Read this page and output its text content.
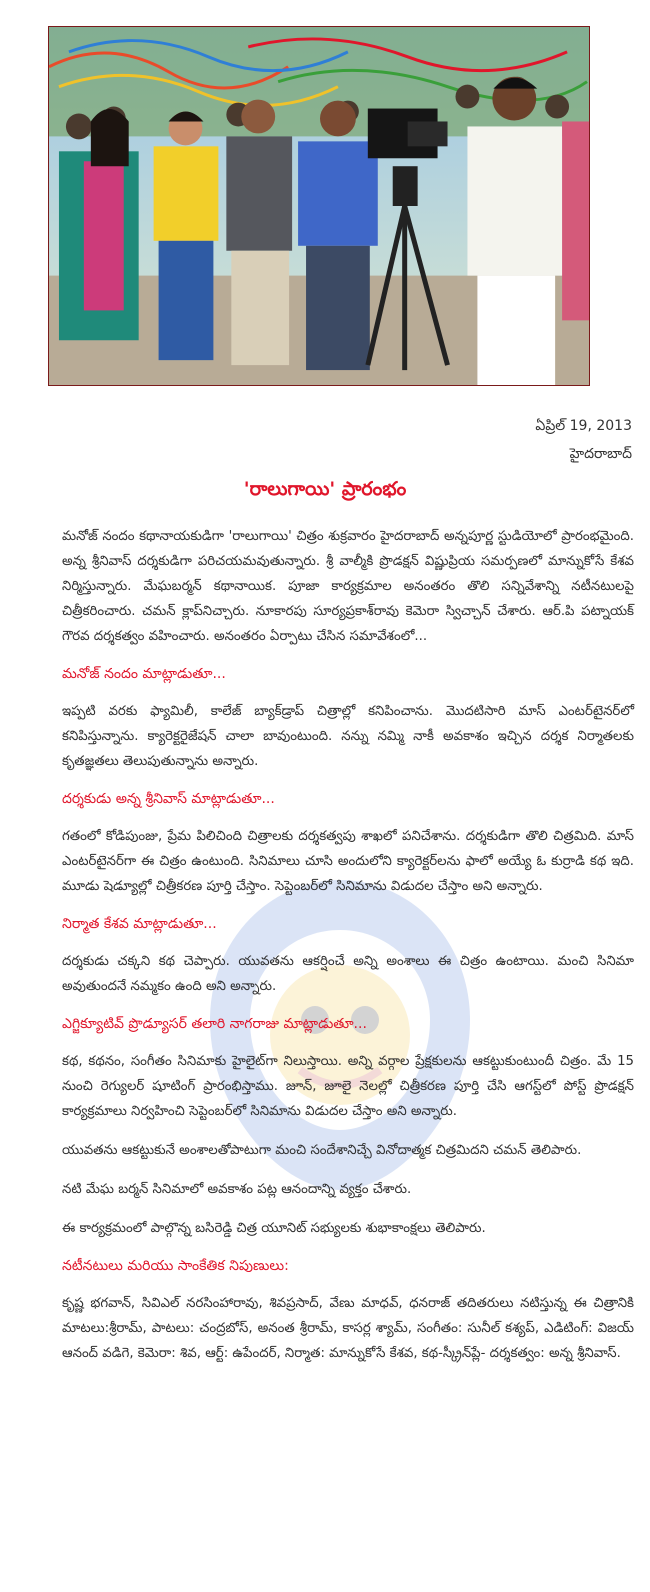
ఏప్రిల్ 19, 2013
హైదరాబాద్
'రాలుగాయి' ప్రారంభం

మనోజ్ నందం కథానాయకుడిగా 'రాలుగాయి' చిత్రం శుక్రవారం హైదరాబాద్ అన్నపూర్ణ స్టుడియోలో ప్రారంభమైంది. అన్న శ్రీనివాస్ దర్శకుడిగా పరిచయమవుతున్నారు. శ్రీ వాల్మీకి ప్రొడక్షన్ విష్ణుప్రియ సమర్పణలో మాన్నుకోసే కేశవ నిర్మిస్తున్నారు. మేఘబర్మన్ కథానాయిక. పూజా కార్యక్రమాల అనంతరం తొలి సన్నివేశాన్ని నటీనటులపై చిత్రీకరించారు. చమన్ క్లాప్‌నిచ్చారు. నూకారపు సూర్యప్రకాశ్‌రావు కెమెరా స్విచ్చాన్ చేశారు. ఆర్.పి పట్నాయక్ గౌరవ దర్శకత్వం వహించారు. అనంతరం ఏర్పాటు చేసిన సమావేశంలో...

మనోజ్ నందం మాట్లాడుతూ...

ఇప్పటి వరకు ఫ్యామిలీ, కాలేజ్ బ్యాక్‌డ్రాప్ చిత్రాల్లో కనిపించాను. మొదటిసారి మాస్ ఎంటర్‌టైనర్‌లో కనిపిస్తున్నాను. క్యారెక్టరైజేషన్ చాలా బావుంటుంది. నన్ను నమ్మి నాకీ అవకాశం ఇచ్చిన దర్శక నిర్మాతలకు కృతజ్ఞతలు తెలుపుతున్నాను అన్నారు.

దర్శకుడు అన్న శ్రీనివాస్ మాట్లాడుతూ...

గతంలో కోడిపుంజు, ప్రేమ పిలిచింది చిత్రాలకు దర్శకత్వపు శాఖలో పనిచేశాను. దర్శకుడిగా తొలి చిత్రమిది. మాస్ ఎంటర్‌టైనర్‌గా ఈ చిత్రం ఉంటుంది. సినిమాలు చూసి అందులోని క్యారెక్టర్‌లను ఫాలో అయ్యే ఓ కుర్రాడి కథ ఇది. మూడు షెడ్యూల్లో చిత్రీకరణ పూర్తి చేస్తాం. సెప్టెంబర్‌లో సినిమాను విడుదల చేస్తాం అని అన్నారు.

నిర్మాత కేశవ మాట్లాడుతూ...

దర్శకుడు చక్కని కథ చెప్పారు. యువతను ఆకర్షించే అన్ని అంశాలు ఈ చిత్రం ఉంటాయి. మంచి సినిమా అవుతుందనే నమ్మకం ఉంది అని అన్నారు.

ఎగ్జిక్యూటివ్ ప్రొడ్యూసర్ తలారి నాగరాజు మాట్లాడుతూ...

కథ, కథనం, సంగీతం సినిమాకు హైలైట్‌గా నిలుస్తాయి. అన్ని వర్గాల ప్రేక్షకులను ఆకట్టుకుంటుందీ చిత్రం. మే 15 నుంచి రెగ్యులర్ షూటింగ్ ప్రారంభిస్తాము. జూన్, జూలై నెలల్లో చిత్రీకరణ పూర్తి చేసి ఆగస్ట్‌లో పోస్ట్ ప్రొడక్షన్ కార్యక్రమాలు నిర్వహించి సెప్టెంబర్‌లో సినిమాను విడుదల చేస్తాం అని అన్నారు.

యువతను ఆకట్టుకునే అంశాలతోపాటుగా మంచి సందేశానిచ్చే వినోదాత్మక చిత్రమిదని చమన్ తెలిపారు.

నటి మేఘ బర్మన్ సినిమాలో అవకాశం పట్ల ఆనందాన్ని వ్యక్తం చేశారు.

ఈ కార్యక్రమంలో పాల్గొన్న బసిరెడ్డి చిత్ర యూనిట్ సభ్యులకు శుభాకాంక్షలు తెలిపారు.

నటీనటులు మరియు సాంకేతిక నిపుణులు:

కృష్ణ భగవాన్, సివిఎల్ నరసింహారావు, శివప్రసాద్, వేణు మాధవ్, ధనరాజ్ తదితరులు నటిస్తున్న ఈ చిత్రానికి మాటలు:శ్రీరామ్, పాటలు: చంద్రబోస్, అనంత శ్రీరామ్, కాసర్ల శ్యామ్, సంగీతం: సునీల్ కశ్యప్, ఎడిటింగ్: విజయ్ ఆనంద్ వడిగె, కెమెరా: శివ, ఆర్ట్: ఉపేందర్, నిర్మాత: మాన్నుకోసే కేశవ, కథ-స్క్రీన్‌ప్లే- దర్శకత్వం: అన్న శ్రీనివాస్.
